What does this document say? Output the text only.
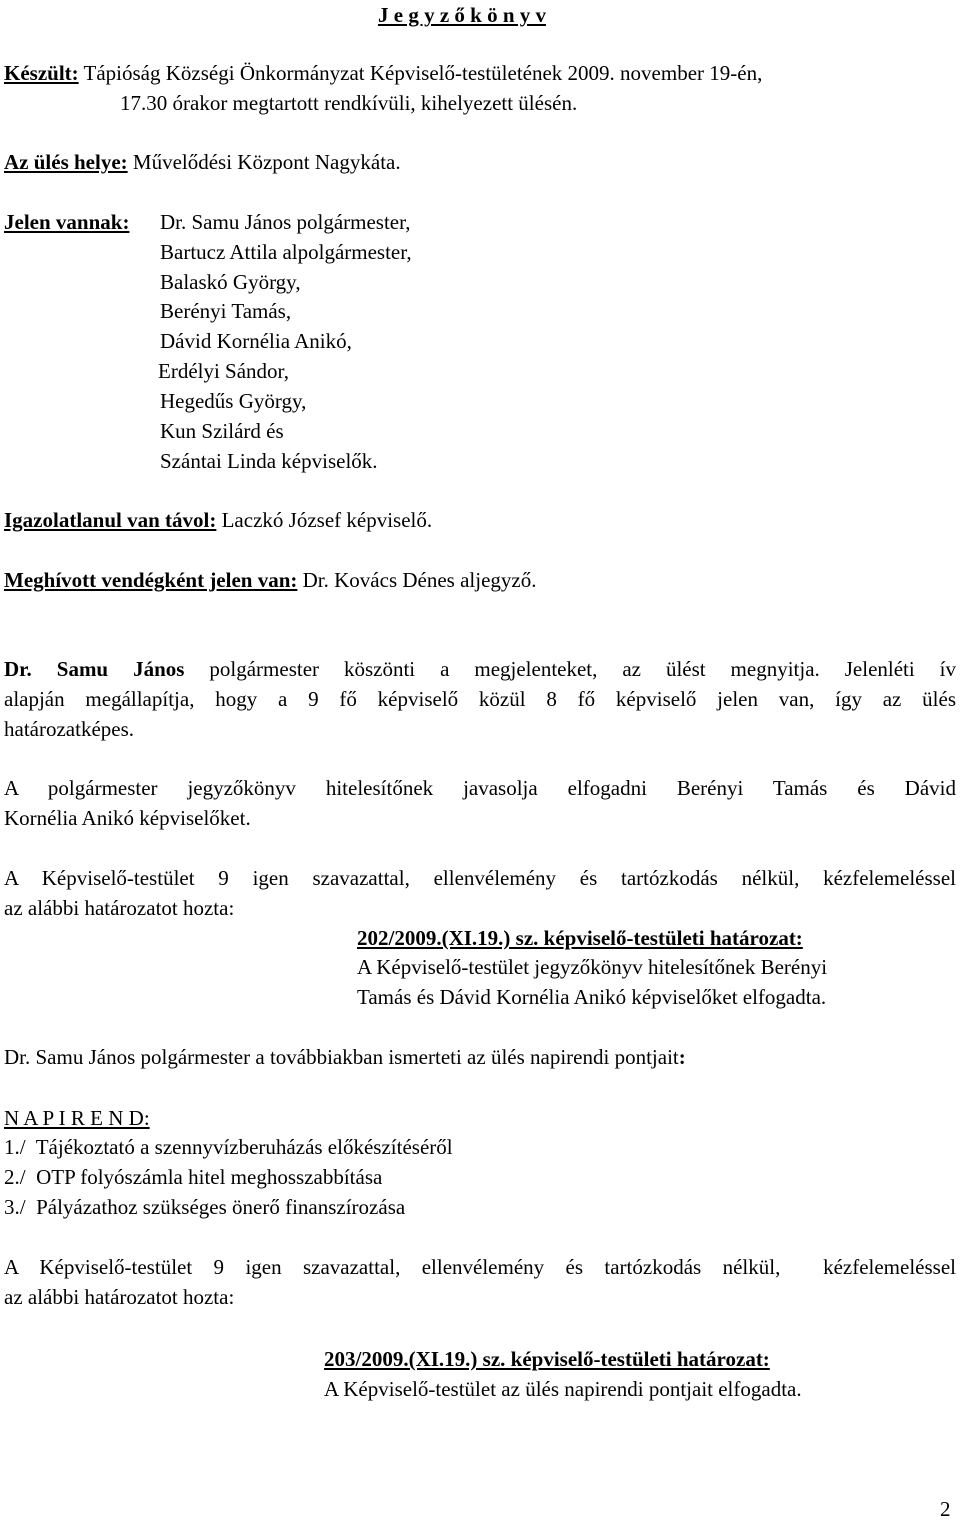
J e g y z ő k ö n y v
Készült: Tápióság Községi Önkormányzat Képviselő-testületének 2009. november 19-én,
17.30 órakor megtartott rendkívüli, kihelyezett ülésén.
Az ülés helye: Művelődési Központ Nagykáta.
Jelen vannak: Dr. Samu János polgármester,
Bartucz Attila alpolgármester,
Balaskó György,
Berényi Tamás,
Dávid Kornélia Anikó,
Erdélyi Sándor,
Hegedűs György,
Kun Szilárd és
Szántai Linda képviselők.
Igazolatlanul van távol: Laczkó József képviselő.
Meghívott vendégként jelen van: Dr. Kovács Dénes aljegyző.
Dr. Samu János polgármester köszönti a megjelenteket, az ülést megnyitja. Jelenléti ív
alapján megállapítja, hogy a 9 fő képviselő közül 8 fő képviselő jelen van, így az ülés
határozatképes.
A polgármester jegyzőkönyv hitelesítőnek javasolja elfogadni Berényi Tamás és Dávid
Kornélia Anikó képviselőket.
A Képviselő-testület 9 igen szavazattal, ellenvélemény és tartózkodás nélkül, kézfelemeléssel
az alábbi határozatot hozta:
202/2009.(XI.19.) sz. képviselő-testületi határozat:
A Képviselő-testület jegyzőkönyv hitelesítőnek Berényi
Tamás és Dávid Kornélia Anikó képviselőket elfogadta.
Dr. Samu János polgármester a továbbiakban ismerteti az ülés napirendi pontjait:
N A P I R E N D:
1./  Tájékoztató a szennyvízberuházás előkészítéséről
2./  OTP folyószámla hitel meghosszabbítása
3./  Pályázathoz szükséges önerő finanszírozása
A Képviselő-testület 9 igen szavazattal, ellenvélemény és tartózkodás nélkül,  kézfelemeléssel
az alábbi határozatot hozta:
203/2009.(XI.19.) sz. képviselő-testületi határozat:
A Képviselő-testület az ülés napirendi pontjait elfogadta.
2
